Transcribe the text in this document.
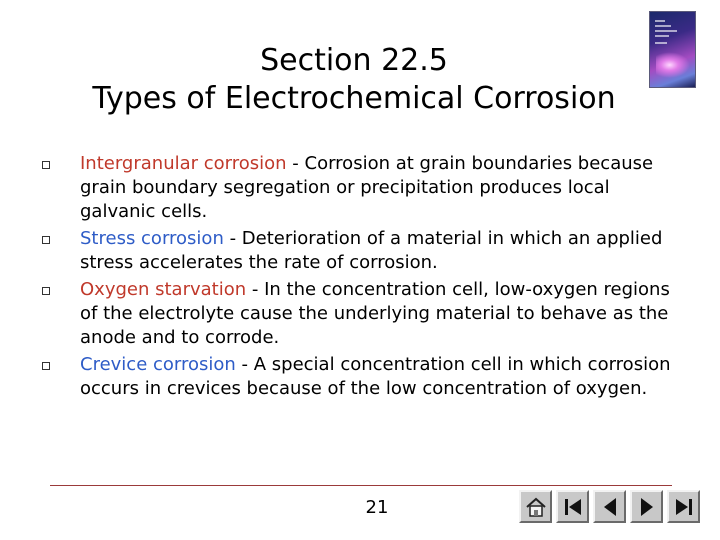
Section 22.5
Types of Electrochemical Corrosion
Intergranular corrosion - Corrosion at grain boundaries because grain boundary segregation or precipitation produces local galvanic cells.
Stress corrosion - Deterioration of a material in which an applied stress accelerates the rate of corrosion.
Oxygen starvation - In the concentration cell, low-oxygen regions of the electrolyte cause the underlying material to behave as the anode and to corrode.
Crevice corrosion - A special concentration cell in which corrosion occurs in crevices because of the low concentration of oxygen.
21
